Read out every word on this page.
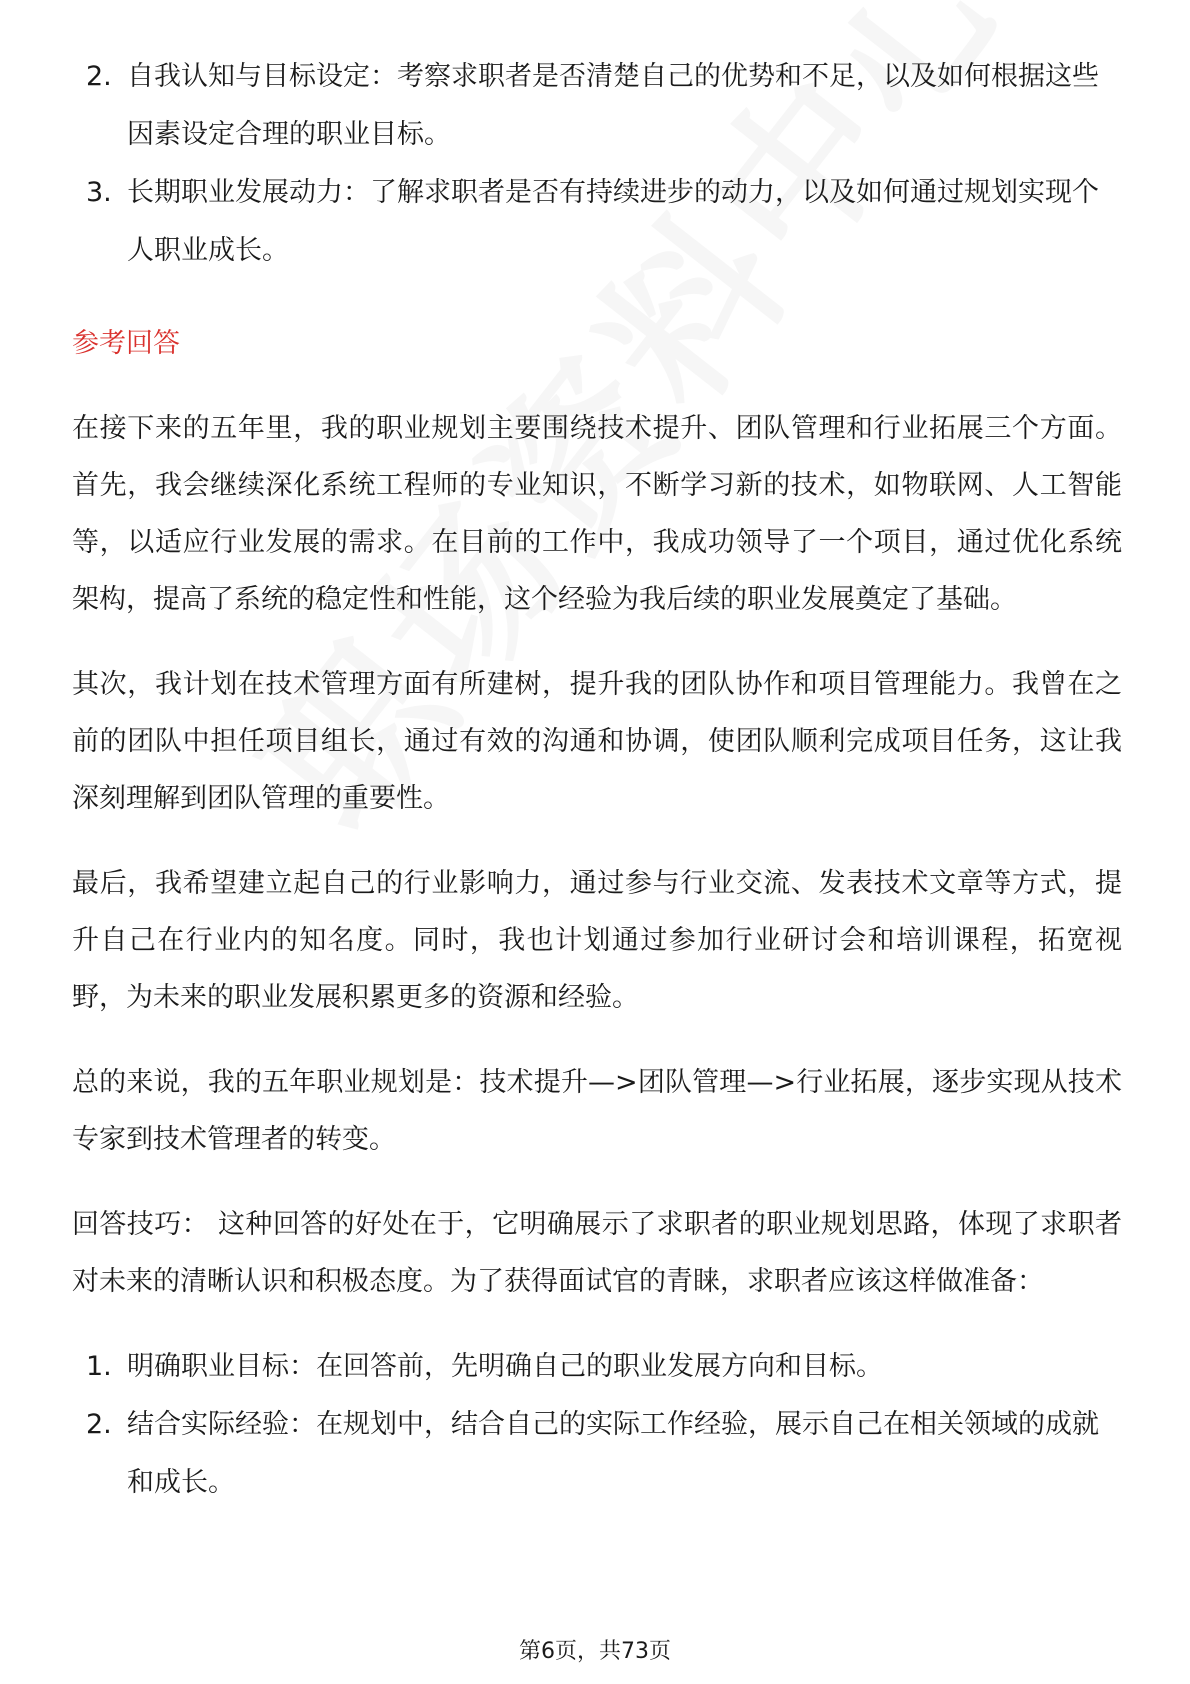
2. 自我认知与目标设定：考察求职者是否清楚自己的优势和不足，以及如何根据这些因素设定合理的职业目标。
3. 长期职业发展动力：了解求职者是否有持续进步的动力，以及如何通过规划实现个人职业成长。
参考回答

在接下来的五年里，我的职业规划主要围绕技术提升、团队管理和行业拓展三个方面。首先，我会继续深化系统工程师的专业知识，不断学习新的技术，如物联网、人工智能等，以适应行业发展的需求。在目前的工作中，我成功领导了一个项目，通过优化系统架构，提高了系统的稳定性和性能，这个经验为我后续的职业发展奠定了基础。

其次，我计划在技术管理方面有所建树，提升我的团队协作和项目管理能力。我曾在之前的团队中担任项目组长，通过有效的沟通和协调，使团队顺利完成项目任务，这让我深刻理解到团队管理的重要性。

最后，我希望建立起自己的行业影响力，通过参与行业交流、发表技术文章等方式，提升自己在行业内的知名度。同时，我也计划通过参加行业研讨会和培训课程，拓宽视野，为未来的职业发展积累更多的资源和经验。

总的来说，我的五年职业规划是：技术提升—>团队管理—>行业拓展，逐步实现从技术专家到技术管理者的转变。

回答技巧： 这种回答的好处在于，它明确展示了求职者的职业规划思路，体现了求职者对未来的清晰认识和积极态度。为了获得面试官的青睐，求职者应该这样做准备：

1. 明确职业目标：在回答前，先明确自己的职业发展方向和目标。
2. 结合实际经验：在规划中，结合自己的实际工作经验，展示自己在相关领域的成就和成长。
第6页，共73页
